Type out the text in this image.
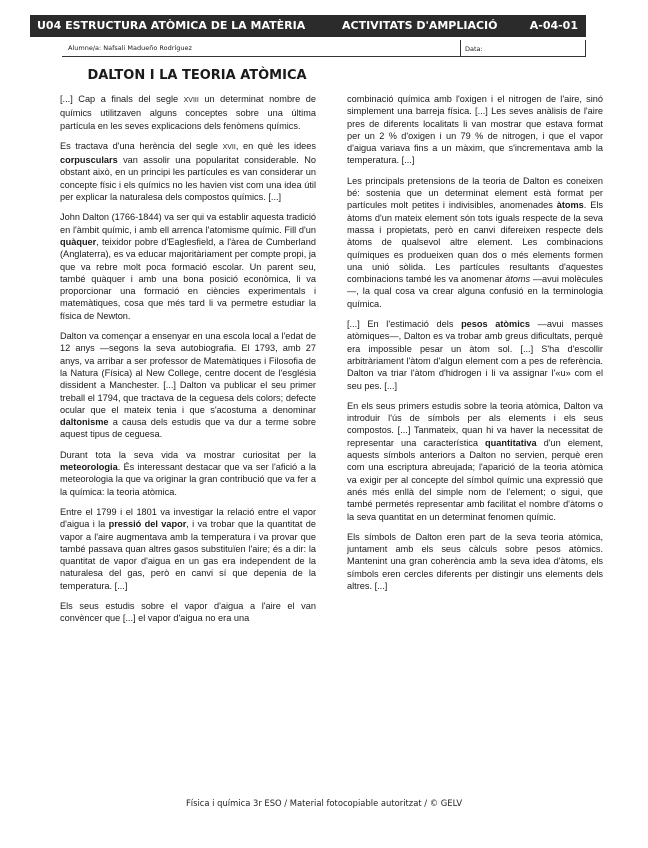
U04 ESTRUCTURA ATÒMICA DE LA MATÈRIA	ACTIVITATS D'AMPLIACIÓ	A-04-01
Alumne/a: Nafsali Madueño Rodríguez	Data:
DALTON I LA TEORIA ATÒMICA

[...] Cap a finals del segle XVIII un determinat nombre de químics utilitzaven alguns conceptes sobre una última partícula en les seves explicacions dels fenòmens químics.

Es tractava d'una herència del segle XVII, en què les idees corpusculars van assolir una popularitat considerable. No obstant això, en un principi les partícules es van considerar un concepte físic i els químics no les havien vist com una idea útil per explicar la naturalesa dels compostos químics. [...]

John Dalton (1766-1844) va ser qui va establir aquesta tradició en l'àmbit químic, i amb ell arrenca l'atomisme químic. Fill d'un quàquer, teixidor pobre d'Eaglesfield, a l'àrea de Cumberland (Anglaterra), es va educar majoritàriament per compte propi, ja que va rebre molt poca formació escolar. Un parent seu, també quàquer i amb una bona posició econòmica, li va proporcionar una formació en ciències experimentals i matemàtiques, cosa que més tard li va permetre estudiar la física de Newton.

Dalton va començar a ensenyar en una escola local a l'edat de 12 anys —segons la seva autobiografia. El 1793, amb 27 anys, va arribar a ser professor de Matemàtiques i Filosofia de la Natura (Física) al New College, centre docent de l'església dissident a Manchester. [...] Dalton va publicar el seu primer treball el 1794, que tractava de la ceguesa dels colors; defecte ocular que el mateix tenia i que s'acostuma a denominar daltonisme a causa dels estudis que va dur a terme sobre aquest tipus de ceguesa.

Durant tota la seva vida va mostrar curiositat per la meteorologia. És interessant destacar que va ser l'afició a la meteorologia la que va originar la gran contribució que va fer a la química: la teoria atòmica.

Entre el 1799 i el 1801 va investigar la relació entre el vapor d'aigua i la pressió del vapor, i va trobar que la quantitat de vapor a l'aire augmentava amb la temperatura i va provar que també passava quan altres gasos substituïen l'aire; és a dir: la quantitat de vapor d'aigua en un gas era independent de la naturalesa del gas, però en canvi sí que depenia de la temperatura. [...]

Els seus estudis sobre el vapor d'aigua a l'aire el van convèncer que [...] el vapor d'aigua no era una

combinació química amb l'oxigen i el nitrogen de l'aire, sinó simplement una barreja física. [...] Les seves anàlisis de l'aire pres de diferents localitats li van mostrar que estava format per un 2 % d'oxigen i un 79 % de nitrogen, i que el vapor d'aigua variava fins a un màxim, que s'incrementava amb la temperatura. [...]

Les principals pretensions de la teoria de Dalton es coneixen bé: sostenia que un determinat element està format per partícules molt petites i indivisibles, anomenades àtoms. Els àtoms d'un mateix element són tots iguals respecte de la seva massa i propietats, però en canvi difereixen respecte dels àtoms de qualsevol altre element. Les combinacions químiques es produeixen quan dos o més elements formen una unió sòlida. Les partícules resultants d'aquestes combinacions també les va anomenar àtoms —avui molècules—, la qual cosa va crear alguna confusió en la terminologia química.

[...] En l'estimació dels pesos atòmics —avui masses atòmiques—, Dalton es va trobar amb greus dificultats, perquè era impossible pesar un àtom sol. [...] S'ha d'escollir arbitràriament l'àtom d'algun element com a pes de referència. Dalton va triar l'àtom d'hidrogen i li va assignar l'«u» com el seu pes. [...]

En els seus primers estudis sobre la teoria atòmica, Dalton va introduir l'ús de símbols per als elements i els seus compostos. [...] Tanmateix, quan hi va haver la necessitat de representar una característica quantitativa d'un element, aquests símbols anteriors a Dalton no servien, perquè eren com una escriptura abreujada; l'aparició de la teoria atòmica va exigir per al concepte del símbol químic una expressió que anés més enllà del simple nom de l'element; o sigui, que també permetés representar amb facilitat el nombre d'àtoms o la seva quantitat en un determinat fenomen químic.

Els símbols de Dalton eren part de la seva teoria atòmica, juntament amb els seus càlculs sobre pesos atòmics. Mantenint una gran coherència amb la seva idea d'àtoms, els símbols eren cercles diferents per distingir uns elements dels altres. [...]

Física i química 3r ESO / Material fotocopiable autoritzat / © GELV
